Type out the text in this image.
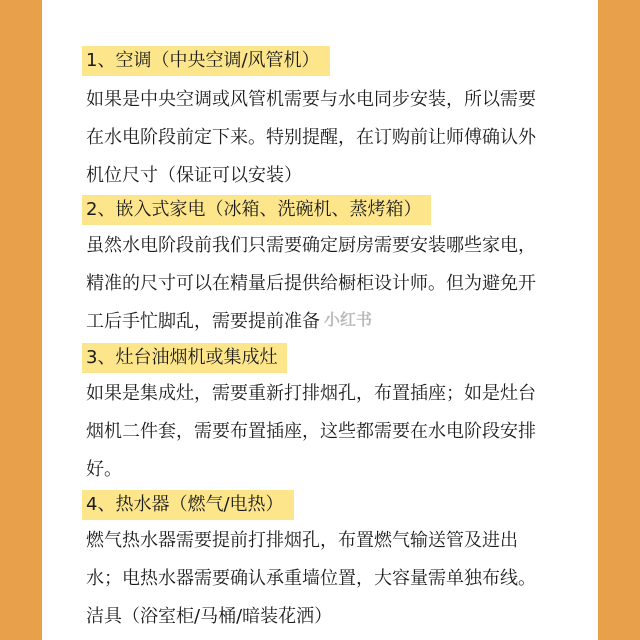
1、空调（中央空调/风管机）
如果是中央空调或风管机需要与水电同步安装，所以需要
在水电阶段前定下来。特别提醒，在订购前让师傅确认外
机位尺寸（保证可以安装）
2、嵌入式家电（冰箱、洗碗机、蒸烤箱）
虽然水电阶段前我们只需要确定厨房需要安装哪些家电，
精准的尺寸可以在精量后提供给橱柜设计师。但为避免开
工后手忙脚乱，需要提前准备
3、灶台油烟机或集成灶
如果是集成灶，需要重新打排烟孔，布置插座；如是灶台
烟机二件套，需要布置插座，这些都需要在水电阶段安排
好。
4、热水器（燃气/电热）
燃气热水器需要提前打排烟孔，布置燃气输送管及进出
水；电热水器需要确认承重墙位置，大容量需单独布线。
洁具（浴室柜/马桶/暗装花洒）
小红书
